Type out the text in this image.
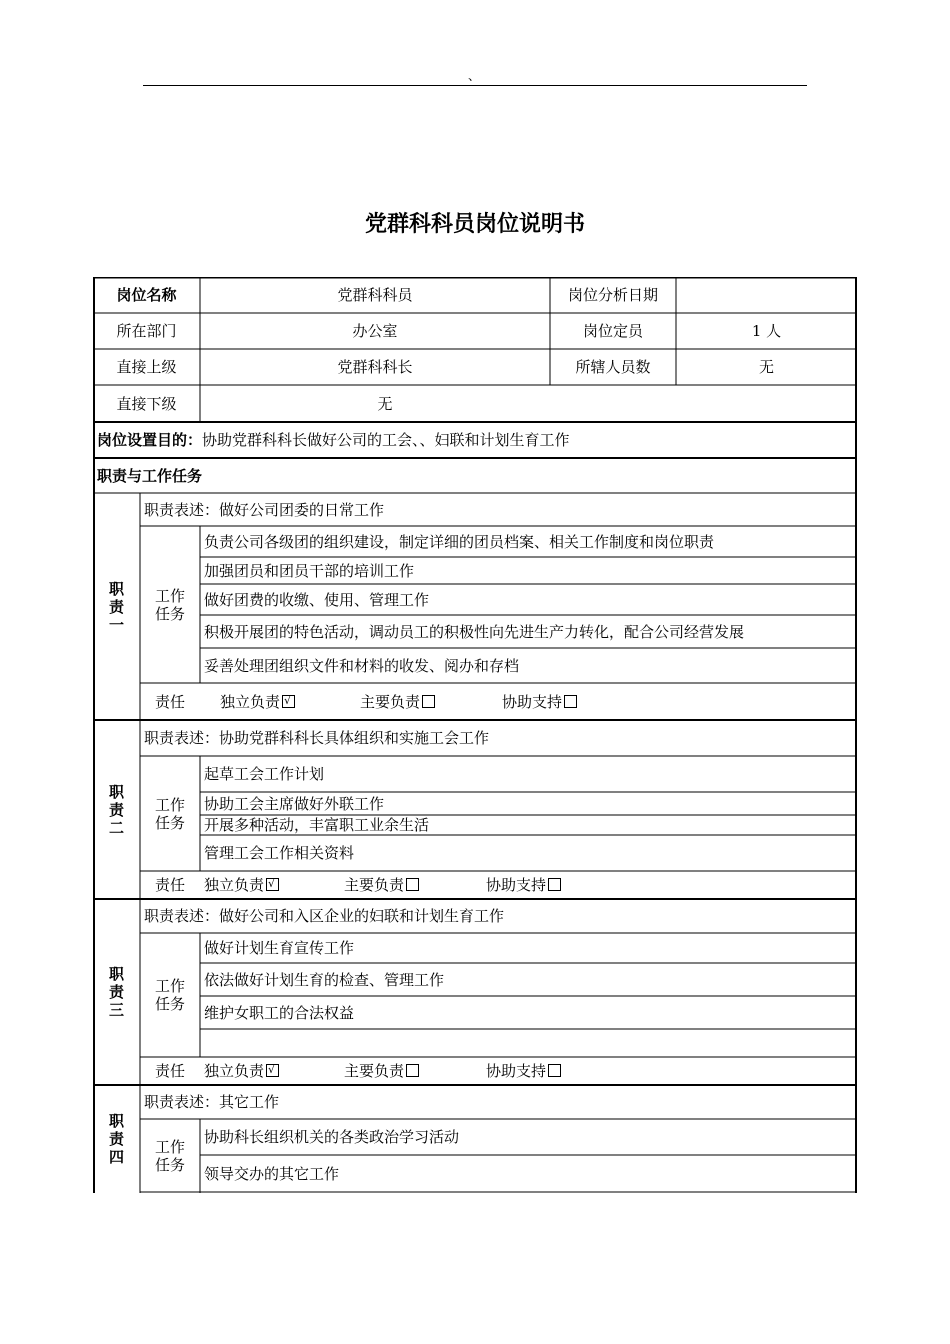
、
党群科科员岗位说明书
岗位名称	党群科科员	岗位分析日期
所在部门	办公室	岗位定员	1 人
直接上级	党群科科长	所辖人员数	无
直接下级	无
岗位设置目的： 协助党群科科长做好公司的工会、、妇联和计划生育工作
职责与工作任务
职
责
一
职责表述：做好公司团委的日常工作
工作
任务
负责公司各级团的组织建设，制定详细的团员档案、相关工作制度和岗位职责
加强团员和团员干部的培训工作
做好团费的收缴、使用、管理工作
积极开展团的特色活动，调动员工的积极性向先进生产力转化，配合公司经营发展
妥善处理团组织文件和材料的收发、阅办和存档
责任	独立负责 √	主要负责	协助支持
职
责
二
职责表述：协助党群科科长具体组织和实施工会工作
工作
任务
起草工会工作计划
协助工会主席做好外联工作
开展多种活动，丰富职工业余生活
管理工会工作相关资料
责任	独立负责 √	主要负责	协助支持
职
责
三
职责表述：做好公司和入区企业的妇联和计划生育工作
工作
任务
做好计划生育宣传工作
依法做好计划生育的检查、管理工作
维护女职工的合法权益
责任	独立负责 √	主要负责	协助支持
职
责
四
职责表述：其它工作
工作
任务
协助科长组织机关的各类政治学习活动
领导交办的其它工作
